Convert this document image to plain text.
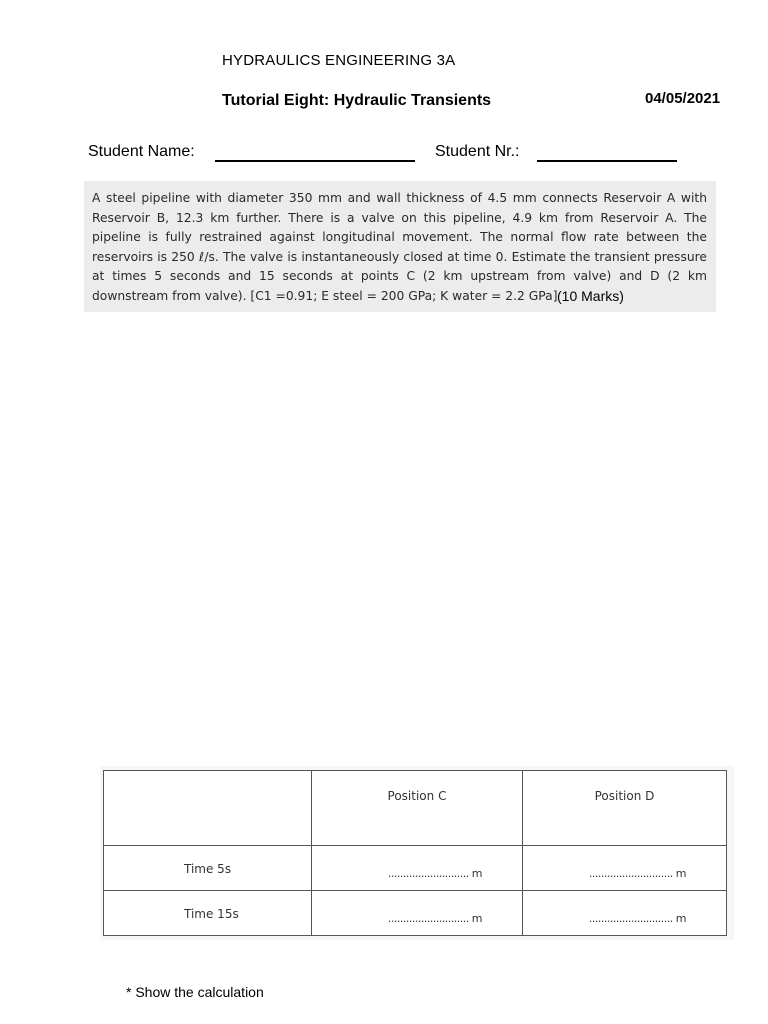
HYDRAULICS ENGINEERING 3A
Tutorial Eight: Hydraulic Transients	04/05/2021
Student Name:	Student Nr.:
A steel pipeline with diameter 350 mm and wall thickness of 4.5 mm connects Reservoir A with Reservoir B, 12.3 km further. There is a valve on this pipeline, 4.9 km from Reservoir A. The pipeline is fully restrained against longitudinal movement. The normal flow rate between the reservoirs is 250 ℓ/s. The valve is instantaneously closed at time 0. Estimate the transient pressure at times 5 seconds and 15 seconds at points C (2 km upstream from valve) and D (2 km downstream from valve). [C1 =0.91; E steel = 200 GPa; K water = 2.2 GPa] (10 Marks)
	Position C	Position D
Time 5s	........................... m	............................ m

Time 15s	........................... m	............................ m
* Show the calculation
